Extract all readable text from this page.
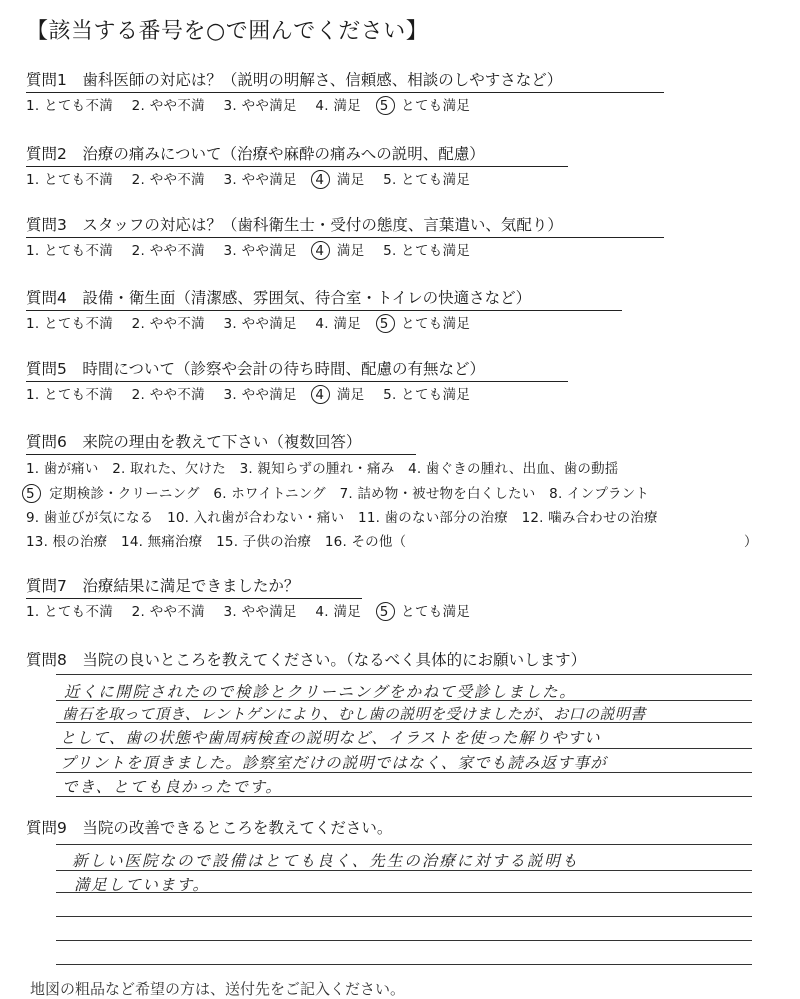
【該当する番号を○で囲んでください】
質問1　歯科医師の対応は？（説明の明解さ、信頼感、相談のしやすさなど）
1. とても不満 2. やや不満 3. やや満足 4. 満足 5 とても満足
質問2　治療の痛みについて（治療や麻酔の痛みへの説明、配慮）
1. とても不満 2. やや不満 3. やや満足 4 満足 5. とても満足
質問3　スタッフの対応は？（歯科衛生士・受付の態度、言葉遣い、気配り）
1. とても不満 2. やや不満 3. やや満足 4 満足 5. とても満足
質問4　設備・衛生面（清潔感、雰囲気、待合室・トイレの快適さなど）
1. とても不満 2. やや不満 3. やや満足 4. 満足 5 とても満足
質問5　時間について（診察や会計の待ち時間、配慮の有無など）
1. とても不満 2. やや不満 3. やや満足 4 満足 5. とても満足
質問6　来院の理由を教えて下さい（複数回答）
1. 歯が痛い　2. 取れた、欠けた　3. 親知らずの腫れ・痛み　4. 歯ぐきの腫れ、出血、歯の動揺
5 定期検診・クリーニング　6. ホワイトニング　7. 詰め物・被せ物を白くしたい　8. インプラント
9. 歯並びが気になる　10. 入れ歯が合わない・痛い　11. 歯のない部分の治療　12. 噛み合わせの治療
13. 根の治療　14. 無痛治療　15. 子供の治療　16. その他（	）
質問7　治療結果に満足できましたか？
1. とても不満 2. やや不満 3. やや満足 4. 満足 5 とても満足
質問8　当院の良いところを教えてください。（なるべく具体的にお願いします）
近くに開院されたので検診とクリーニングをかねて受診しました。
歯石を取って頂き、レントゲンにより、むし歯の説明を受けましたが、お口の説明書
として、歯の状態や歯周病検査の説明など、イラストを使った解りやすい
プリントを頂きました。診察室だけの説明ではなく、家でも読み返す事が
でき、とても良かったです。
質問9　当院の改善できるところを教えてください。
新しい医院なので設備はとても良く、先生の治療に対する説明も
満足しています。
地図の粗品など希望の方は、送付先をご記入ください。
